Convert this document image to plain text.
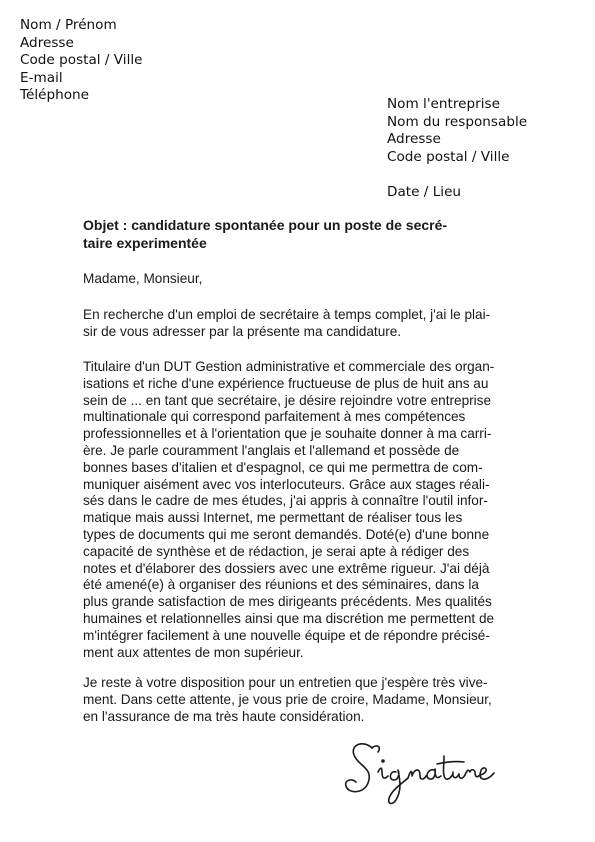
Nom / Prénom
Adresse
Code postal / Ville
E-mail
Téléphone
Nom l'entreprise
Nom du responsable
Adresse
Code postal / Ville
Date / Lieu
Objet : candidature spontanée pour un poste de secré-
taire experimentée
Madame, Monsieur,
En recherche d'un emploi de secrétaire à temps complet, j'ai le plai-
sir de vous adresser par la présente ma candidature.
Titulaire d'un DUT Gestion administrative et commerciale des organ-
isations et riche d'une expérience fructueuse de plus de huit ans au
sein de ... en tant que secrétaire, je désire rejoindre votre entreprise
multinationale qui correspond parfaitement à mes compétences
professionnelles et à l'orientation que je souhaite donner à ma carri-
ère. Je parle couramment l'anglais et l'allemand et possède de
bonnes bases d'italien et d'espagnol, ce qui me permettra de com-
muniquer aisément avec vos interlocuteurs. Grâce aux stages réali-
sés dans le cadre de mes études, j'ai appris à connaître l'outil infor-
matique mais aussi Internet, me permettant de réaliser tous les
types de documents qui me seront demandés. Doté(e) d'une bonne
capacité de synthèse et de rédaction, je serai apte à rédiger des
notes et d'élaborer des dossiers avec une extrême rigueur. J'ai déjà
été amené(e) à organiser des réunions et des séminaires, dans la
plus grande satisfaction de mes dirigeants précédents. Mes qualités
humaines et relationnelles ainsi que ma discrétion me permettent de
m'intégrer facilement à une nouvelle équipe et de répondre précisé-
ment aux attentes de mon supérieur.
Je reste à votre disposition pour un entretien que j'espère très vive-
ment. Dans cette attente, je vous prie de croire, Madame, Monsieur,
en l'assurance de ma très haute considération.
